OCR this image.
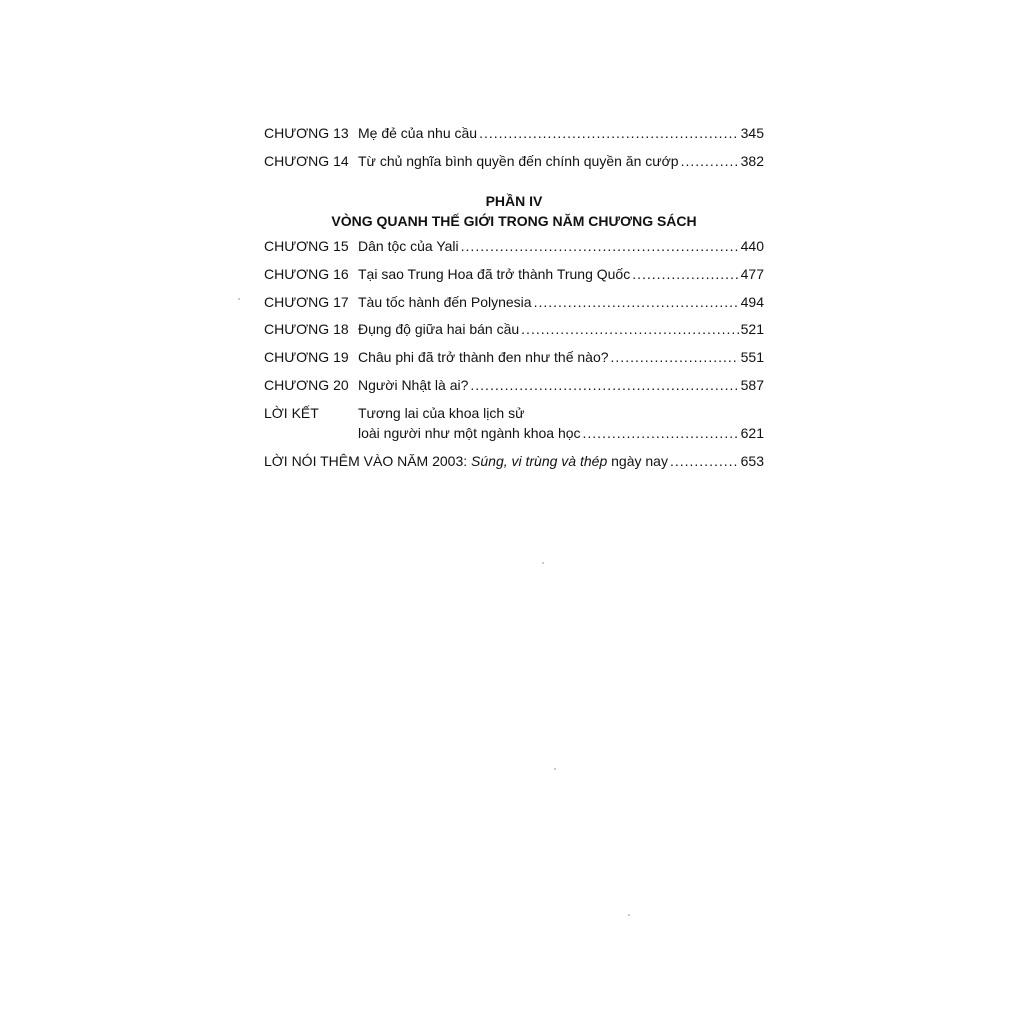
CHƯƠNG 13 Mẹ đẻ của nhu cầu .....	345
CHƯƠNG 14 Từ chủ nghĩa bình quyền đến chính quyền ăn cướp .....	382
PHẦN IV
VÒNG QUANH THẾ GIỚI TRONG NĂM CHƯƠNG SÁCH
CHƯƠNG 15 Dân tộc của Yali .....	440
CHƯƠNG 16 Tại sao Trung Hoa đã trở thành Trung Quốc .....	477
CHƯƠNG 17 Tàu tốc hành đến Polynesia .....	494
CHƯƠNG 18 Đụng độ giữa hai bán cầu .....	521
CHƯƠNG 19 Châu phi đã trở thành đen như thế nào? .....	551
CHƯƠNG 20 Người Nhật là ai? .....	587
LỜI KẾT	Tương lai của khoa lịch sử
loài người như một ngành khoa học .....	621
LỜI NÓI THÊM VÀO NĂM 2003: Súng, vi trùng và thép ngày nay .....	653
